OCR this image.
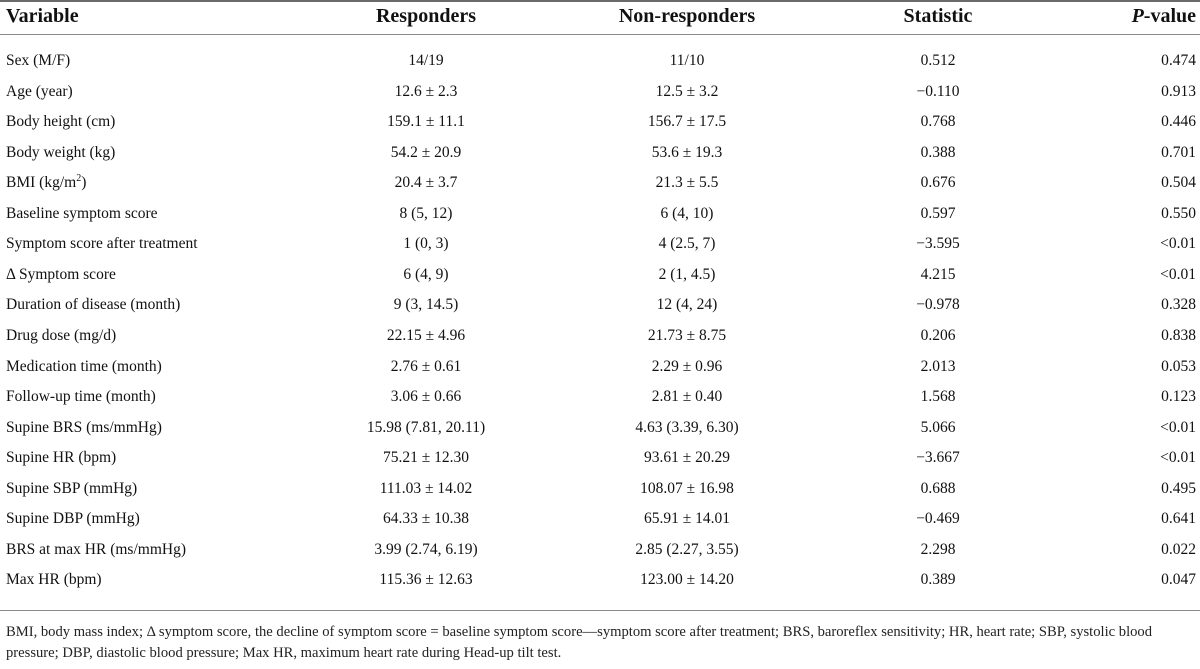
Variable	Responders	Non-responders	Statistic	P-value
Sex (M/F)	14/19	11/10	0.512	0.474
Age (year)	12.6 ± 2.3	12.5 ± 3.2	−0.110	0.913
Body height (cm)	159.1 ± 11.1	156.7 ± 17.5	0.768	0.446
Body weight (kg)	54.2 ± 20.9	53.6 ± 19.3	0.388	0.701
BMI $(kg/m^2)$	20.4 ± 3.7	21.3 ± 5.5	0.676	0.504
Baseline symptom score	8 (5, 12)	6 (4, 10)	0.597	0.550
Symptom score after treatment	1 (0, 3)	4 (2.5, 7)	−3.595	<0.01
Δ Symptom score	6 (4, 9)	2 (1, 4.5)	4.215	<0.01
Duration of disease (month)	9 (3, 14.5)	12 (4, 24)	−0.978	0.328
Drug dose (mg/d)	22.15 ± 4.96	21.73 ± 8.75	0.206	0.838
Medication time (month)	2.76 ± 0.61	2.29 ± 0.96	2.013	0.053
Follow-up time (month)	3.06 ± 0.66	2.81 ± 0.40	1.568	0.123
Supine BRS (ms/mmHg)	15.98 (7.81, 20.11)	4.63 (3.39, 6.30)	5.066	<0.01
Supine HR (bpm)	75.21 ± 12.30	93.61 ± 20.29	−3.667	<0.01
Supine SBP (mmHg)	111.03 ± 14.02	108.07 ± 16.98	0.688	0.495
Supine DBP (mmHg)	64.33 ± 10.38	65.91 ± 14.01	−0.469	0.641
BRS at max HR (ms/mmHg)	3.99 (2.74, 6.19)	2.85 (2.27, 3.55)	2.298	0.022
Max HR (bpm)	115.36 ± 12.63	123.00 ± 14.20	0.389	0.047
BMI, body mass index; Δ symptom score, the decline of symptom score = baseline symptom score—symptom score after treatment; BRS, baroreflex sensitivity; HR, heart rate; SBP, systolic blood pressure; DBP, diastolic blood pressure; Max HR, maximum heart rate during Head-up tilt test.
